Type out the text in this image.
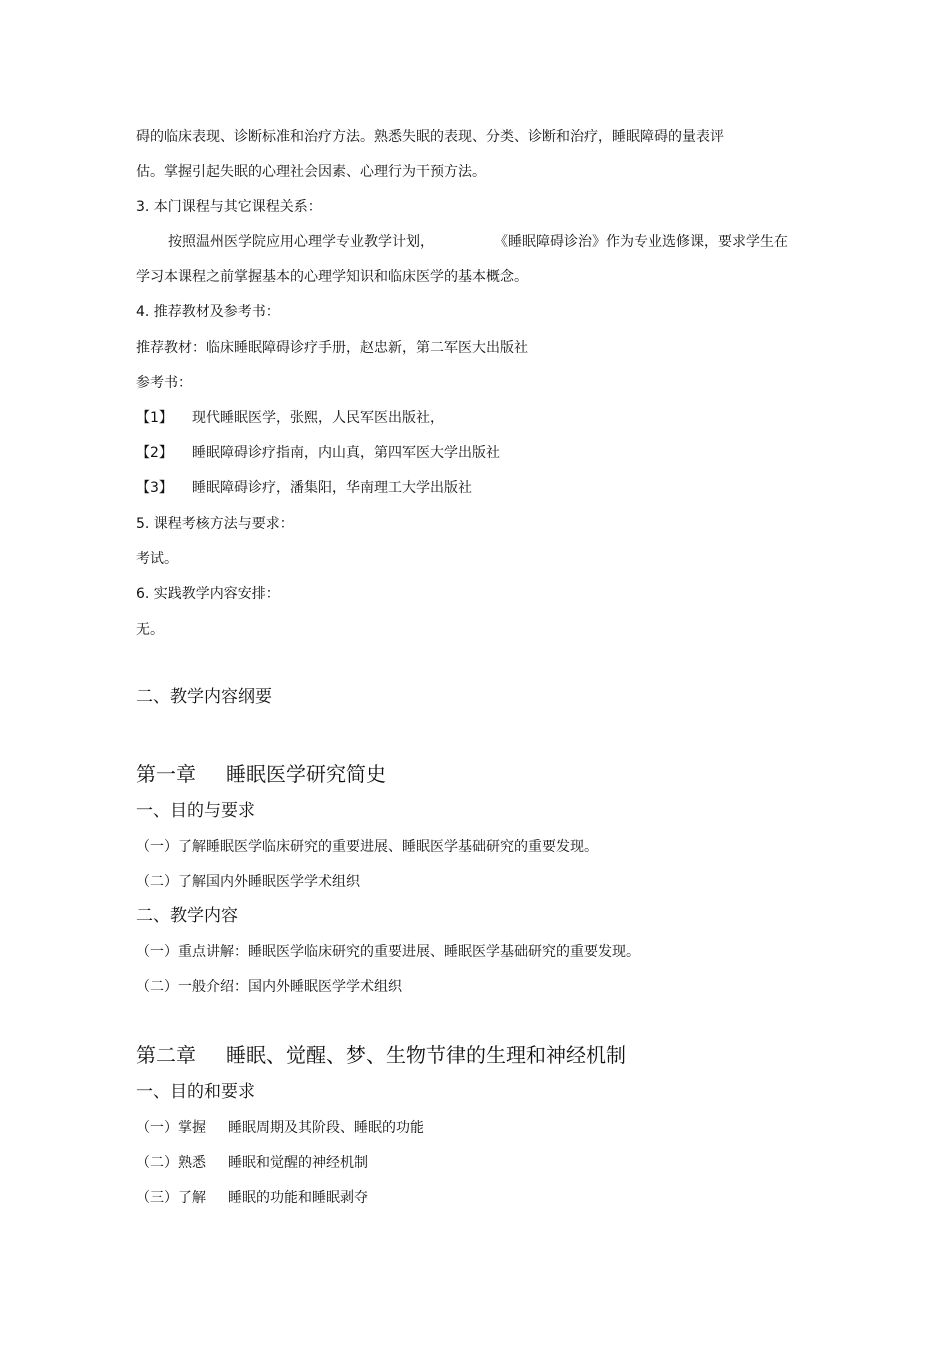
碍的临床表现、诊断标准和治疗方法。熟悉失眠的表现、分类、诊断和治疗，睡眠障碍的量表评
估。掌握引起失眠的心理社会因素、心理行为干预方法。
3. 本门课程与其它课程关系：
按照温州医学院应用心理学专业教学计划，	《睡眠障碍诊治》作为专业选修课，要求学生在
学习本课程之前掌握基本的心理学知识和临床医学的基本概念。
4. 推荐教材及参考书：
推荐教材：临床睡眠障碍诊疗手册，赵忠新，第二军医大出版社
参考书：
【1】 现代睡眠医学，张熙，人民军医出版社，
【2】 睡眠障碍诊疗指南，内山真，第四军医大学出版社
【3】 睡眠障碍诊疗，潘集阳，华南理工大学出版社
5. 课程考核方法与要求：
考试。
6. 实践教学内容安排：
无。
二、教学内容纲要
第一章 睡眠医学研究简史
一、目的与要求
（一）了解睡眠医学临床研究的重要进展、睡眠医学基础研究的重要发现。
（二）了解国内外睡眠医学学术组织
二、教学内容
（一）重点讲解：睡眠医学临床研究的重要进展、睡眠医学基础研究的重要发现。
（二）一般介绍：国内外睡眠医学学术组织
第二章 睡眠、觉醒、梦、生物节律的生理和神经机制
一、目的和要求
（一）掌握 睡眠周期及其阶段、睡眠的功能
（二）熟悉 睡眠和觉醒的神经机制
（三）了解 睡眠的功能和睡眠剥夺
